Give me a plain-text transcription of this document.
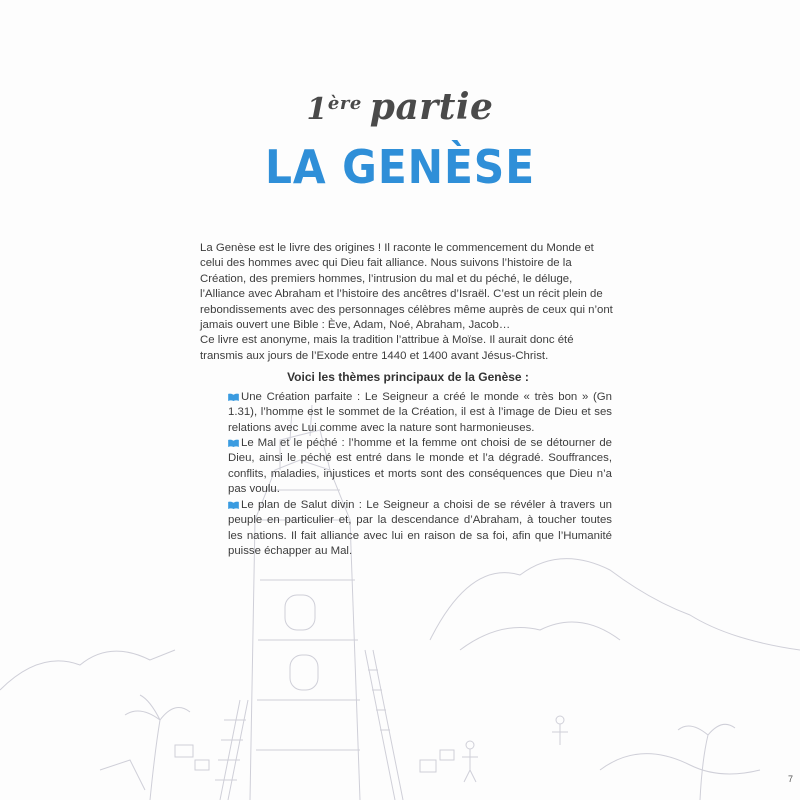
1ère partie
LA GENÈSE

La Genèse est le livre des origines ! Il raconte le commencement du Monde et celui des hommes avec qui Dieu fait alliance. Nous suivons l’histoire de la Création, des premiers hommes, l’intrusion du mal et du péché, le déluge, l’Alliance avec Abraham et l’histoire des ancêtres d’Israël. C’est un récit plein de rebondissements avec des personnages célèbres même auprès de ceux qui n’ont jamais ouvert une Bible : Ève, Adam, Noé, Abraham, Jacob…

Ce livre est anonyme, mais la tradition l’attribue à Moïse. Il aurait donc été transmis aux jours de l’Exode entre 1440 et 1400 avant Jésus-Christ.

Voici les thèmes principaux de la Genèse :
Une Création parfaite : Le Seigneur a créé le monde « très bon » (Gn 1.31), l’homme est le sommet de la Création, il est à l’image de Dieu et ses relations avec Lui comme avec la nature sont harmonieuses.
Le Mal et le péché : l’homme et la femme ont choisi de se détourner de Dieu, ainsi le péché est entré dans le monde et l’a dégradé. Souffrances, conflits, maladies, injustices et morts sont des conséquences que Dieu n’a pas voulu.
Le plan de Salut divin : Le Seigneur a choisi de se révéler à travers un peuple en particulier et, par la descendance d’Abraham, à toucher toutes les nations. Il fait alliance avec lui en raison de sa foi, afin que l’Humanité puisse échapper au Mal.
7
